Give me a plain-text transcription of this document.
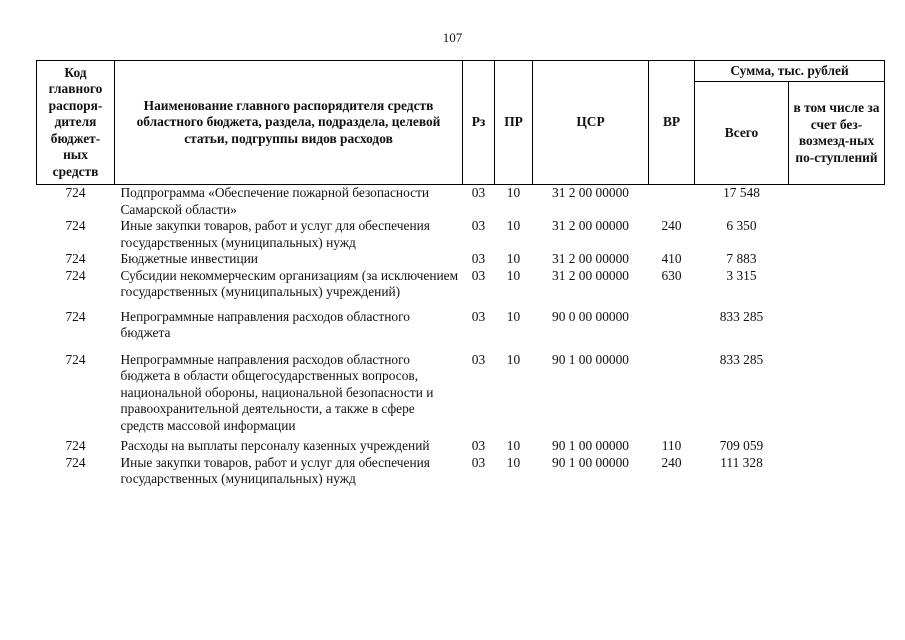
107
Код главного распоря-дителя бюджет-ных средств	Наименование главного распорядителя средств областного бюджета, раздела, подраздела, целевой статьи, подгруппы видов расходов	Рз	ПР	ЦСР	ВР	Сумма, тыс. рублей	
						Всего	в том числе за счет без-возмезд-ных по-ступлений
724	Подпрограмма «Обеспечение пожарной безопасности Самарской области»	03	10	31 2 00 00000		17 548	
724	Иные закупки товаров, работ и услуг для обеспечения государственных (муниципальных) нужд	03	10	31 2 00 00000	240	6 350	
724	Бюджетные инвестиции	03	10	31 2 00 00000	410	7 883	
724	Субсидии некоммерческим организациям (за исключением государственных (муниципальных) учреждений)	03	10	31 2 00 00000	630	3 315	

724	Непрограммные направления расходов областного бюджета	03	10	90 0 00 00000		833 285	

724	Непрограммные направления расходов областного бюджета в области общегосударственных вопросов, национальной обороны, национальной безопасности и правоохранительной деятельности, а также в сфере средств массовой информации	03	10	90 1 00 00000		833 285	

724	Расходы на выплаты персоналу казенных учреждений	03	10	90 1 00 00000	110	709 059	
724	Иные закупки товаров, работ и услуг для обеспечения государственных (муниципальных) нужд	03	10	90 1 00 00000	240	111 328	
